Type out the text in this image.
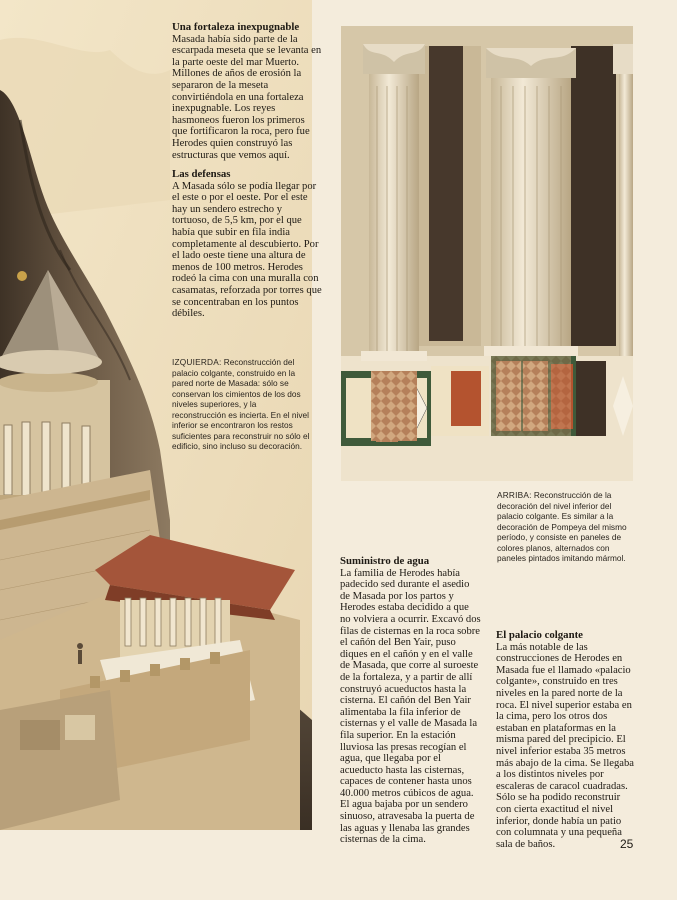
Una fortaleza inexpugnable

Masada había sido parte de la escarpada meseta que se levanta en la parte oeste del mar Muerto. Millones de años de erosión la separaron de la meseta convirtiéndola en una fortaleza inexpugnable. Los reyes hasmoneos fueron los primeros que fortificaron la roca, pero fue Herodes quien construyó las estructuras que vemos aquí.

Las defensas

A Masada sólo se podía llegar por el este o por el oeste. Por el este hay un sendero estrecho y tortuoso, de 5,5 km, por el que había que subir en fila india completamente al descubierto. Por el lado oeste tiene una altura de menos de 100 metros. Herodes rodeó la cima con una muralla con casamatas, reforzada por torres que se concentraban en los puntos débiles.

IZQUIERDA: Reconstrucción del palacio colgante, construido en la pared norte de Masada: sólo se conservan los cimientos de los dos niveles superiores, y la reconstrucción es incierta. En el nivel inferior se encontraron los restos suficientes para reconstruir no sólo el edificio, sino incluso su decoración.
ARRIBA: Reconstrucción de la decoración del nivel inferior del palacio colgante. Es similar a la decoración de Pompeya del mismo período, y consiste en paneles de colores planos, alternados con paneles pintados imitando mármol.
Suministro de agua

La familia de Herodes había padecido sed durante el asedio de Masada por los partos y Herodes estaba decidido a que no volviera a ocurrir. Excavó dos filas de cisternas en la roca sobre el cañón del Ben Yair, puso diques en el cañón y en el valle de Masada, que corre al suroeste de la fortaleza, y a partir de allí construyó acueductos hasta la cisterna. El cañón del Ben Yair alimentaba la fila inferior de cisternas y el valle de Masada la fila superior. En la estación lluviosa las presas recogían el agua, que llegaba por el acueducto hasta las cisternas, capaces de contener hasta unos 40.000 metros cúbicos de agua. El agua bajaba por un sendero sinuoso, atravesaba la puerta de las aguas y llenaba las grandes cisternas de la cima.

El palacio colgante

La más notable de las construcciones de Herodes en Masada fue el llamado «palacio colgante», construido en tres niveles en la pared norte de la roca. El nivel superior estaba en la cima, pero los otros dos estaban en plataformas en la misma pared del precipicio. El nivel inferior estaba 35 metros más abajo de la cima. Se llegaba a los distintos niveles por escaleras de caracol cuadradas. Sólo se ha podido reconstruir con cierta exactitud el nivel inferior, donde había un patio con columnata y una pequeña sala de baños.	25
